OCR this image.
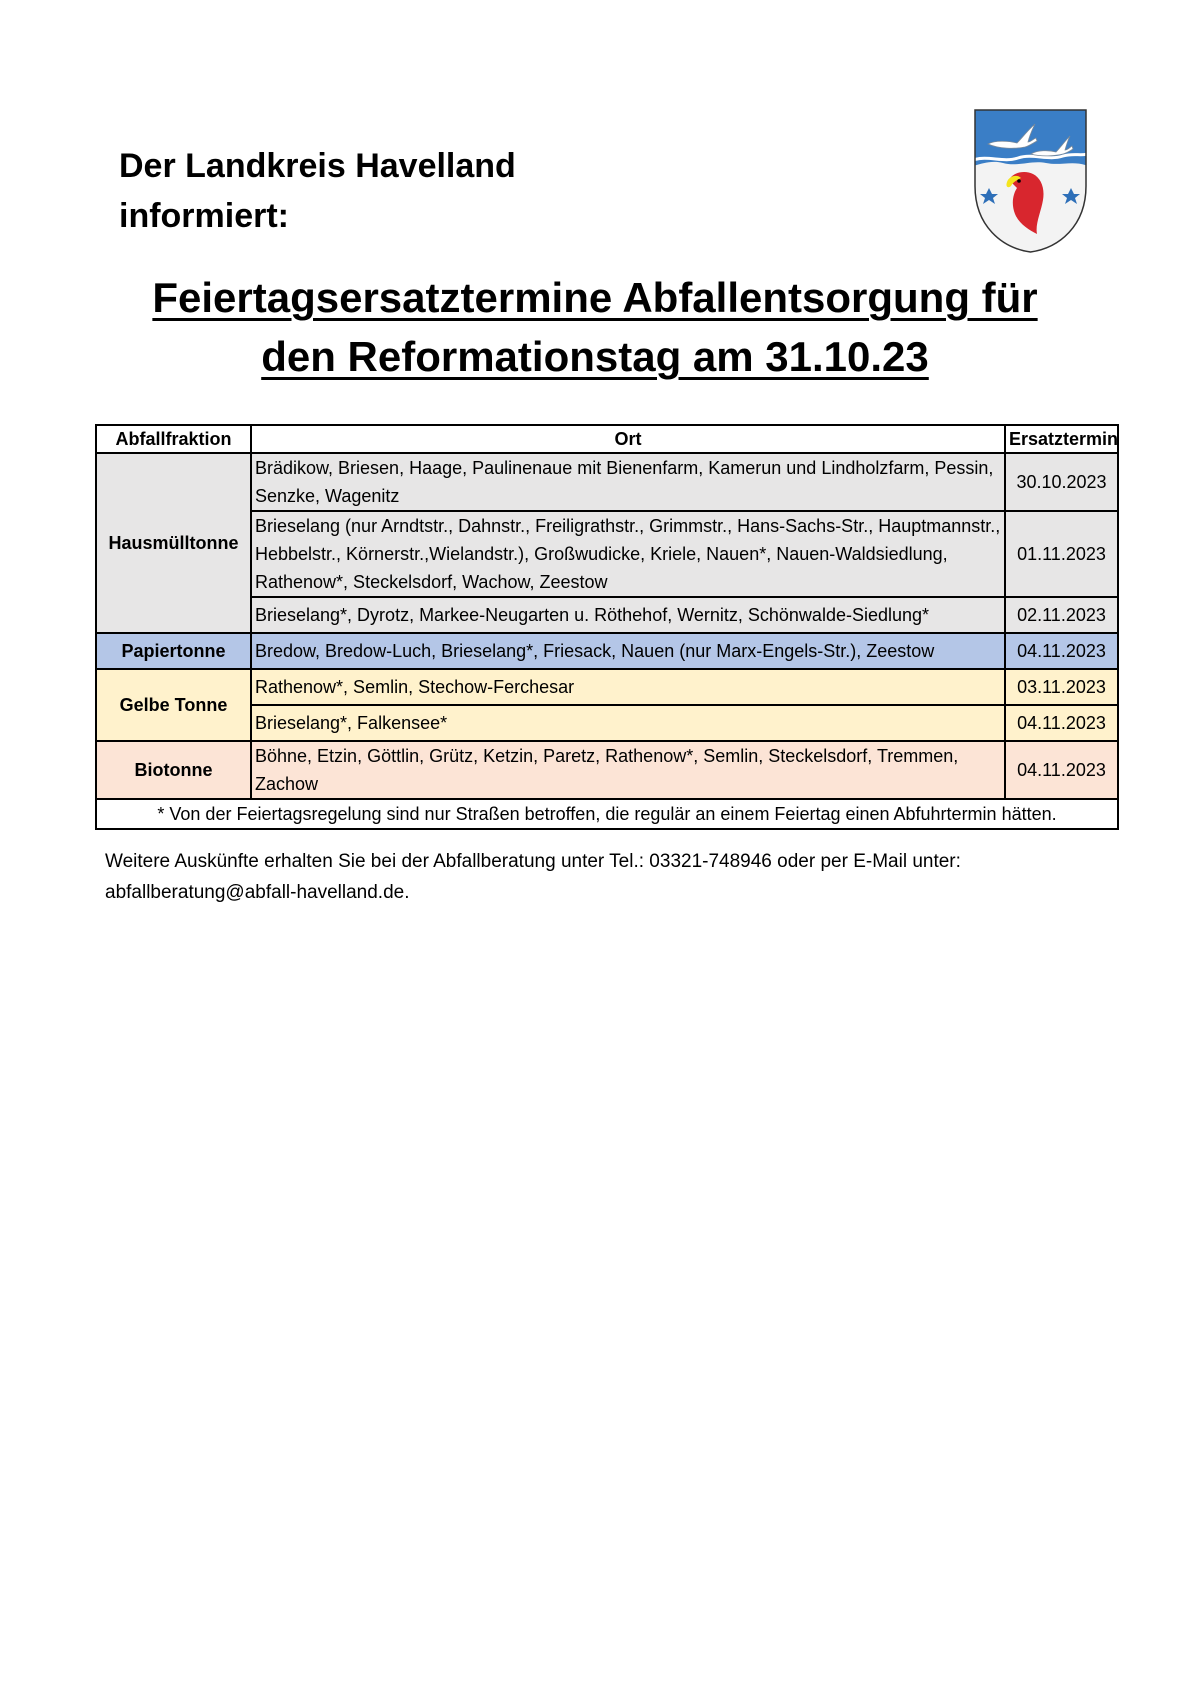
Der Landkreis Havelland
informiert:
Feiertagsersatztermine Abfallentsorgung für
den Reformationstag am 31.10.23
Abfallfraktion	Ort	Ersatztermin
Hausmülltonne	Brädikow, Briesen, Haage, Paulinenaue mit Bienenfarm, Kamerun und Lindholzfarm, Pessin, Senzke, Wagenitz	30.10.2023
	Brieselang (nur Arndtstr., Dahnstr., Freiligrathstr., Grimmstr., Hans-Sachs-Str., Hauptmannstr., Hebbelstr., Körnerstr.,Wielandstr.), Großwudicke, Kriele, Nauen*, Nauen-Waldsiedlung, Rathenow*, Steckelsdorf, Wachow, Zeestow	01.11.2023
	Brieselang*, Dyrotz, Markee-Neugarten u. Röthehof, Wernitz, Schönwalde-Siedlung*	02.11.2023
Papiertonne	Bredow, Bredow-Luch, Brieselang*, Friesack, Nauen (nur Marx-Engels-Str.), Zeestow	04.11.2023
Gelbe Tonne	Rathenow*, Semlin, Stechow-Ferchesar	03.11.2023
	Brieselang*, Falkensee*	04.11.2023
Biotonne	Böhne, Etzin, Göttlin, Grütz, Ketzin, Paretz, Rathenow*, Semlin, Steckelsdorf, Tremmen, Zachow	04.11.2023
* Von der Feiertagsregelung sind nur Straßen betroffen, die regulär an einem Feiertag einen Abfuhrtermin hätten.		

Weitere Auskünfte erhalten Sie bei der Abfallberatung unter Tel.: 03321-748946 oder per E-Mail unter:
abfallberatung@abfall-havelland.de.
